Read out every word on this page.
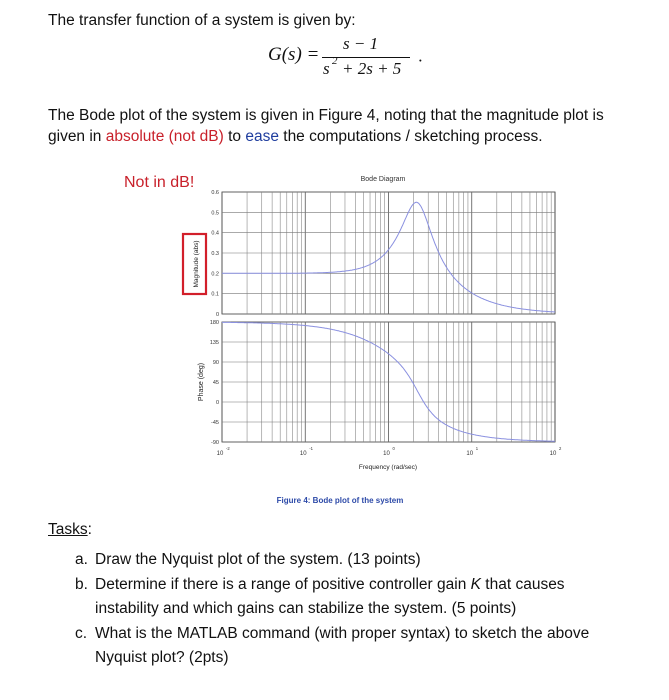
The transfer function of a system is given by:
G(s) =
s − 1
s 2 + 2s + 5 ·
The Bode plot of the system is given in Figure 4, noting that the magnitude plot is
given in absolute (not dB) to ease the computations / sketching process.
Not in dB!	Bode Diagram
0.6
0.5
0.4
0.3
0.2
0.1
0
180
135
90
45
0
-45
-90
10
-2
10
-1
10
0
10
1
10
2
Magnitude (abs)
Phase (deg)
Frequency (rad/sec)
Figure 4: Bode plot of the system
Tasks:
a. Draw the Nyquist plot of the system. (13 points)
b. Determine if there is a range of positive controller gain K that causes instability and which gains can stabilize the system. (5 points)
c. What is the MATLAB command (with proper syntax) to sketch the above Nyquist plot? (2pts)
